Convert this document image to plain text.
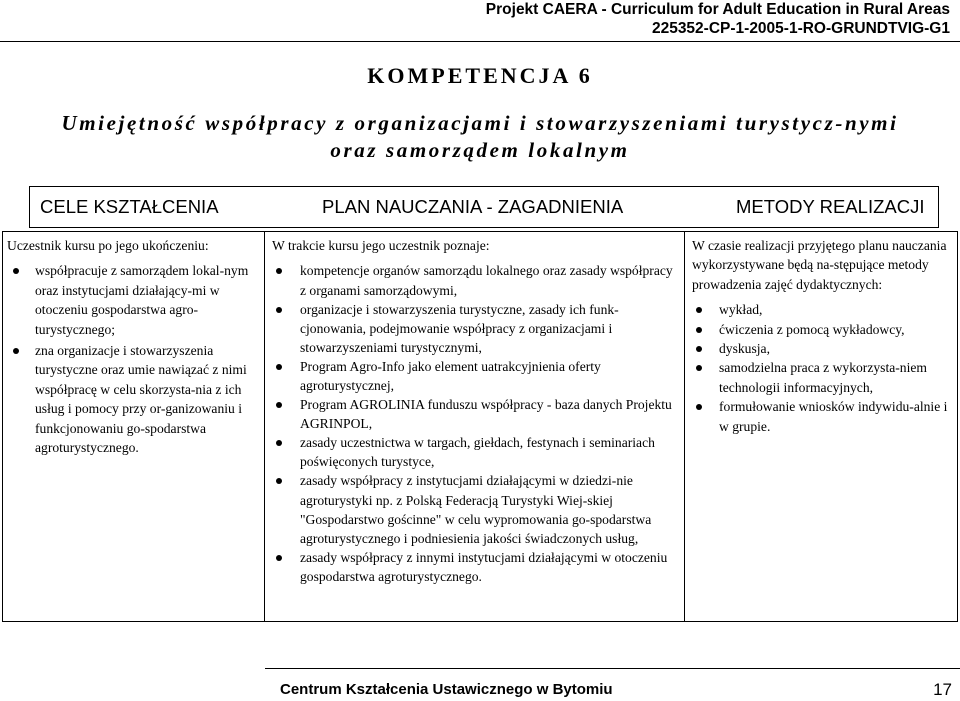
Projekt CAERA - Curriculum for Adult Education in Rural Areas
225352-CP-1-2005-1-RO-GRUNDTVIG-G1
KOMPETENCJA 6
Umiejętność współpracy z organizacjami i stowarzyszeniami turystycz-nymi oraz samorządem lokalnym
CELE KSZTAŁCENIA	PLAN NAUCZANIA - ZAGADNIENIA	METODY REALIZACJI

Uczestnik kursu po jego ukończeniu:

współpracuje z samorządem lokal-nym oraz instytucjami działający-mi w otoczeniu gospodarstwa agro-turystycznego;
zna organizacje i stowarzyszenia turystyczne oraz umie nawiązać z nimi współpracę w celu skorzysta-nia z ich usług i pomocy przy or-ganizowaniu i funkcjonowaniu go-spodarstwa agroturystycznego.

W trakcie kursu jego uczestnik poznaje:

kompetencje organów samorządu lokalnego oraz zasady współpracy z organami samorządowymi,
organizacje i stowarzyszenia turystyczne, zasady ich funk-cjonowania, podejmowanie współpracy z organizacjami i stowarzyszeniami turystycznymi,
Program Agro-Info jako element uatrakcyjnienia oferty agroturystycznej,
Program AGROLINIA funduszu współpracy - baza danych Projektu AGRINPOL,
zasady uczestnictwa w targach, giełdach, festynach i seminariach poświęconych turystyce,
zasady współpracy z instytucjami działającymi w dziedzi-nie agroturystyki np. z Polską Federacją Turystyki Wiej-skiej "Gospodarstwo gościnne" w celu wypromowania go-spodarstwa agroturystycznego i podniesienia jakości świadczonych usług,
zasady współpracy z innymi instytucjami działającymi w otoczeniu gospodarstwa agroturystycznego.

W czasie realizacji przyjętego planu nauczania wykorzystywane będą na-stępujące metody prowadzenia zajęć dydaktycznych:

wykład,
ćwiczenia z pomocą wykładowcy,
dyskusja,
samodzielna praca z wykorzysta-niem technologii informacyjnych,
formułowanie wniosków indywidu-alnie i w grupie.
Centrum Kształcenia Ustawicznego w Bytomiu	17
